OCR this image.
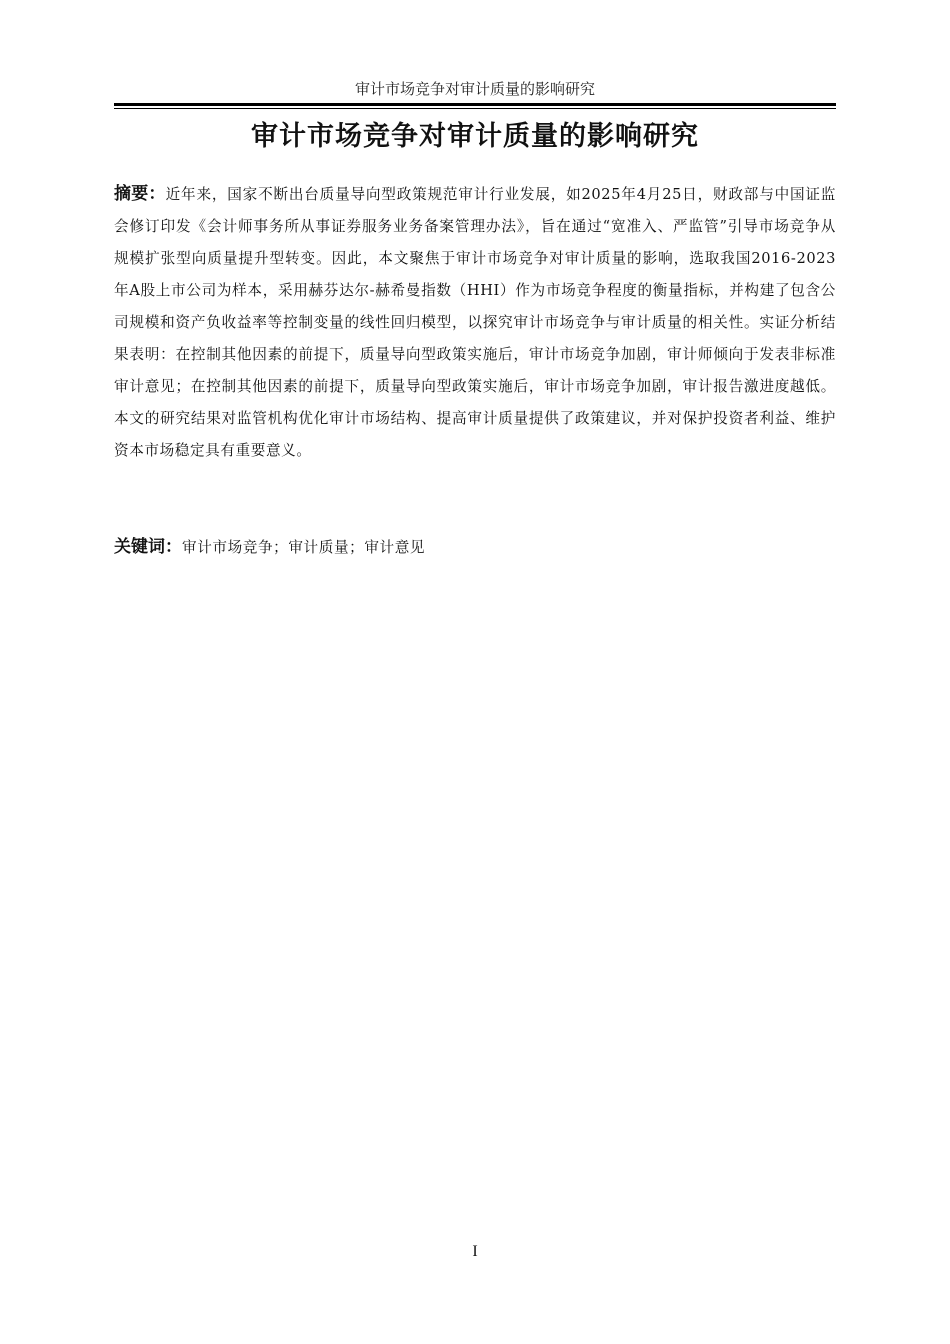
审计市场竞争对审计质量的影响研究
审计市场竞争对审计质量的影响研究

摘要：近年来，国家不断出台质量导向型政策规范审计行业发展，如2025年4月25日，财政部与中国证监会修订印发《会计师事务所从事证券服务业务备案管理办法》，旨在通过“宽准入、严监管”引导市场竞争从规模扩张型向质量提升型转变。因此，本文聚焦于审计市场竞争对审计质量的影响，选取我国2016-2023年A股上市公司为样本，采用赫芬达尔-赫希曼指数（HHI）作为市场竞争程度的衡量指标，并构建了包含公司规模和资产负收益率等控制变量的线性回归模型，以探究审计市场竞争与审计质量的相关性。实证分析结果表明：在控制其他因素的前提下，质量导向型政策实施后，审计市场竞争加剧，审计师倾向于发表非标准审计意见；在控制其他因素的前提下，质量导向型政策实施后，审计市场竞争加剧，审计报告激进度越低。本文的研究结果对监管机构优化审计市场结构、提高审计质量提供了政策建议，并对保护投资者利益、维护资本市场稳定具有重要意义。

关键词：审计市场竞争；审计质量；审计意见

I
